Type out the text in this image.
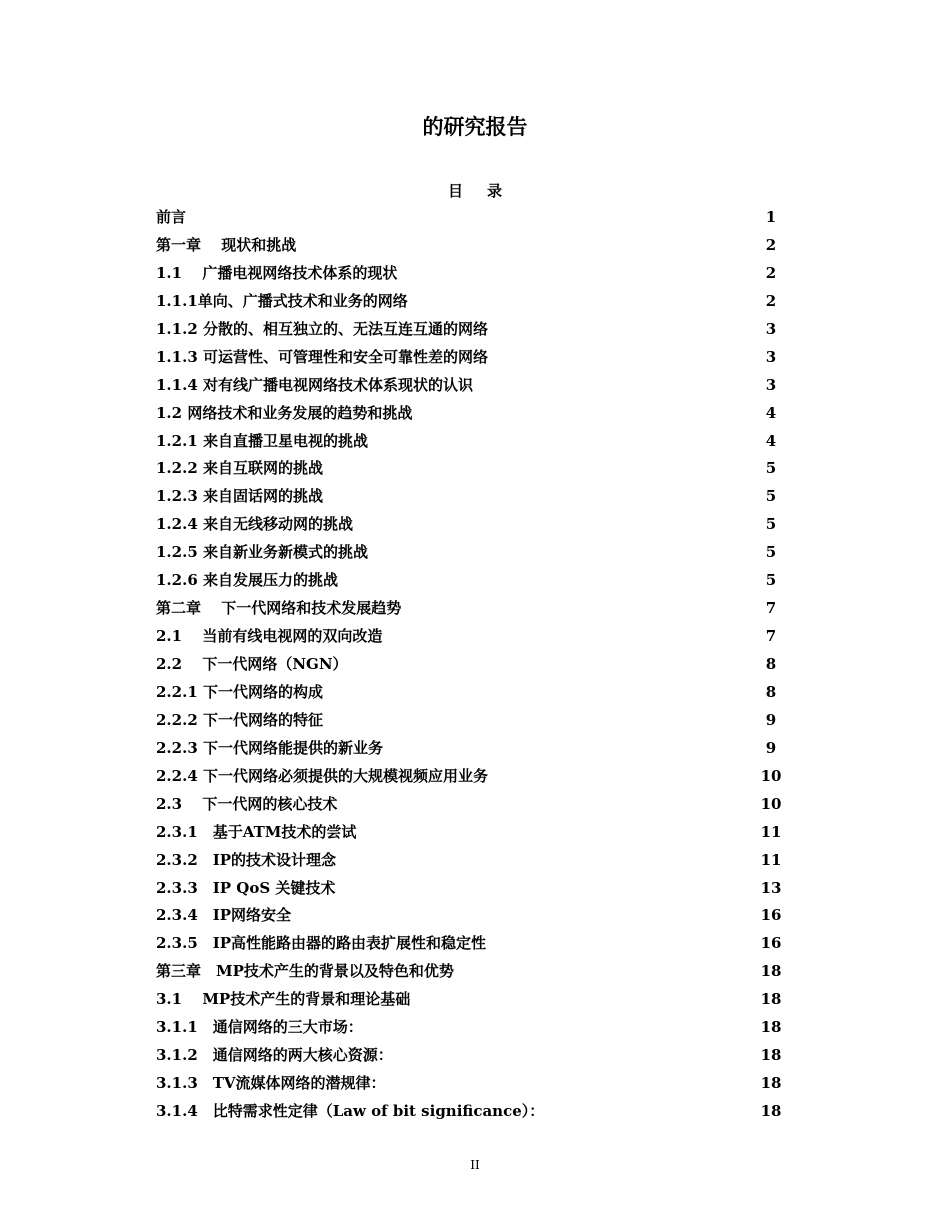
的研究报告
目录
前言	1
第一章　 现状和挑战	2
1.1　 广播电视网络技术体系的现状	2
1.1.1单向、广播式技术和业务的网络	2
1.1.2 分散的、相互独立的、无法互连互通的网络	3
1.1.3 可运营性、可管理性和安全可靠性差的网络	3
1.1.4 对有线广播电视网络技术体系现状的认识	3
1.2 网络技术和业务发展的趋势和挑战	4
1.2.1 来自直播卫星电视的挑战	4
1.2.2 来自互联网的挑战	5
1.2.3 来自固话网的挑战	5
1.2.4 来自无线移动网的挑战	5
1.2.5 来自新业务新模式的挑战	5
1.2.6 来自发展压力的挑战	5
第二章　 下一代网络和技术发展趋势	7
2.1　 当前有线电视网的双向改造	7
2.2　 下一代网络（NGN）	8
2.2.1 下一代网络的构成	8
2.2.2 下一代网络的特征	9
2.2.3 下一代网络能提供的新业务	9
2.2.4 下一代网络必须提供的大规模视频应用业务	10
2.3　 下一代网的核心技术	10
2.3.1　基于ATM技术的尝试	11
2.3.2　IP的技术设计理念	11
2.3.3　IP QoS 关键技术	13
2.3.4　IP网络安全	16
2.3.5　IP高性能路由器的路由表扩展性和稳定性	16
第三章　MP技术产生的背景以及特色和优势	18
3.1　 MP技术产生的背景和理论基础	18
3.1.1　通信网络的三大市场：	18
3.1.2　通信网络的两大核心资源：	18
3.1.3　TV流媒体网络的潜规律：	18
3.1.4　比特需求性定律（Law of bit significance）：	18
II
